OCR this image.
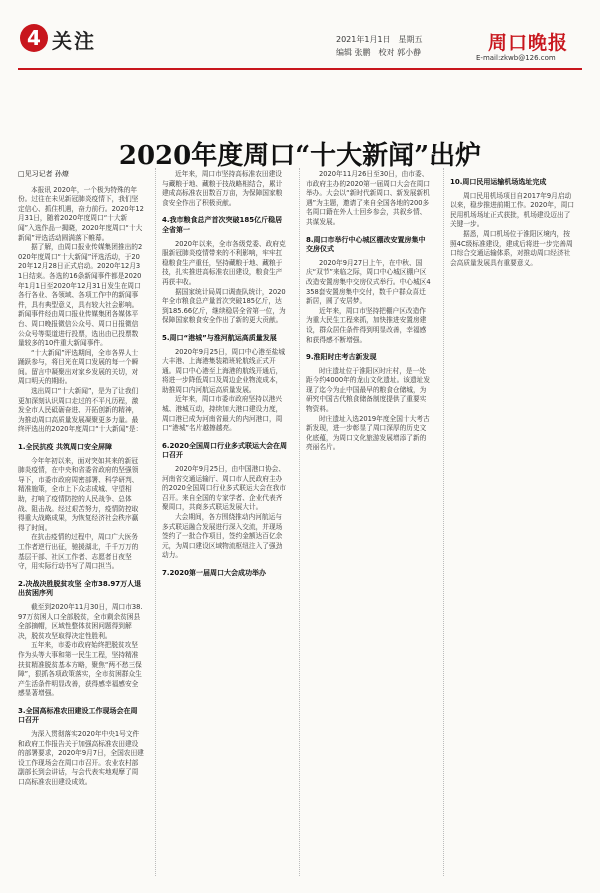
4 关注	2021年1月1日 星期五
编辑 张鹏 校对 郭小静	周口晚报
E-mail:zkwb@126.com
2020年度周口“十大新闻”出炉
□见习记者 孙燎

本报讯 2020年，一个极为特殊的年份。过往在未见新冠肺炎疫情下，我们坚定信心、抓住机遇，奋力前行。2020年12月31日，随着2020年度周口“十大新闻”入选作品一揭晓，2020年度周口“十大新闻”评选活动圆满落下帷幕。

据了解，由周口报业传媒集团推出的2020年度周口“十大新闻”评选活动，于2020年12月28日正式启动。2020年12月31日结束。各选的16条新闻事件都是2020年1月1日至2020年12月31日发生在周口各行各业、各领域、各项工作中的新闻事件，具有典型意义，具有较大社会影响。新闻事件经由周口报业传媒集团各媒体平台、周口晚报微信公众号、周口日报微信公众号等渠道进行投票，选出由已投票数量较多的10件重大新闻事件。

“十大新闻”评选期间，全市各界人士踊跃参与，将目光在周口发展的每一个瞬间。留言中凝聚出对家乡发展的关切，对周口明天的期盼。

选出周口“十大新闻”，是为了让我们更加深刻认识周口走过的不平凡历程，激发全市人民砥砺奋进、开拓创新的精神，为推动周口高质量发展凝聚更多力量。最终评选出的2020年度周口“十大新闻”是：

1.全民抗疫 共筑周口安全屏障

今年年初以来，面对突如其来的新冠肺炎疫情，在中央和省委省政府的坚强领导下，市委市政府周密部署、科学研判、精准施策，全市上下众志成城、守望相助，打响了疫情防控的人民战争、总体战、阻击战。经过艰苦努力，疫情防控取得重大战略成果，为恢复经济社会秩序赢得了时间。

在抗击疫情的过程中，周口广大医务工作者逆行出征，驰援湖北，千千万万的基层干部、社区工作者、志愿者日夜坚守，用实际行动书写了周口担当。

2.决战决胜脱贫攻坚 全市38.97万人退出贫困序列

截至到2020年11月30日，周口市38.97万贫困人口全部脱贫，全市剩余贫困县全部摘帽，区域性整体贫困问题得到解决，脱贫攻坚取得决定性胜利。

五年来，市委市政府始终把脱贫攻坚作为头等大事和第一民生工程，坚持精准扶贫精准脱贫基本方略，聚焦“两不愁三保障”，狠抓各项政策落实，全市贫困群众生产生活条件明显改善，获得感幸福感安全感显著增强。

3.全国高标准农田建设工作现场会在周口召开

为深入贯彻落实2020年中央1号文件和政府工作报告关于加强高标准农田建设的部署要求，2020年9月7日，全国农田建设工作现场会在周口市召开。农业农村部副部长到会讲话，与会代表实地观摩了周口高标准农田建设成效。

近年来，周口市坚持高标准农田建设与藏粮于地、藏粮于技战略相结合，累计建成高标准农田数百万亩，为保障国家粮食安全作出了积极贡献。

4.我市粮食总产首次突破185亿斤稳居全省第一

2020年以来，全市各级党委、政府克服新冠肺炎疫情带来的不利影响，牢牢扛稳粮食生产重任，坚持藏粮于地、藏粮于技，扎实推进高标准农田建设，粮食生产再获丰收。

据国家统计局周口调查队统计，2020年全市粮食总产量首次突破185亿斤，达到185.66亿斤，继续稳居全省第一位，为保障国家粮食安全作出了新的更大贡献。

5.周口“港城”与淮河航运高质量发展

2020年9月25日，周口中心港至盐城大丰港、上海港集装箱班轮航线正式开通。周口中心港至上海港的航线开通后，将进一步降低周口及周边企业物流成本，助推周口内河航运高质量发展。

近年来，周口市委市政府坚持以港兴城、港城互动，持续加大港口建设力度，周口港已成为河南省最大的内河港口，周口“港城”名片越擦越亮。

6.2020全国周口行业多式联运大会在周口召开

2020年9月25日，由中国港口协会、河南省交通运输厅、周口市人民政府主办的2020全国周口行业多式联运大会在我市召开。来自全国的专家学者、企业代表齐聚周口，共商多式联运发展大计。

大会期间，各方围绕推动内河航运与多式联运融合发展进行深入交流，并现场签约了一批合作项目，签约金额达百亿余元，为周口建设区域物流枢纽注入了强劲动力。

7.2020第一届周口大会成功举办

2020年11月26日至30日，由市委、市政府主办的2020第一届周口大会在周口举办。大会以“新时代新周口、新发展新机遇”为主题，邀请了来自全国各地的200多名周口籍在外人士回乡参会，共叙乡情、共谋发展。

8.周口市举行中心城区棚改安置房集中交房仪式

2020年9月27日上午，在中秋、国庆“双节”来临之际，周口中心城区棚户区改造安置房集中交房仪式举行。中心城区4358套安置房集中交付，数千户群众喜迁新居，圆了安居梦。

近年来，周口市坚持把棚户区改造作为重大民生工程来抓，加快推进安置房建设，群众居住条件得到明显改善，幸福感和获得感不断增强。

9.淮阳时庄考古新发现

时庄遗址位于淮阳区时庄村，是一处距今约4000年的龙山文化遗址。该遗址发现了迄今为止中国最早的粮食仓储城，为研究中国古代粮食储备制度提供了重要实物资料。

时庄遗址入选2019年度全国十大考古新发现，进一步彰显了周口深厚的历史文化底蕴，为周口文化旅游发展增添了新的亮丽名片。

10.周口民用运输机场选址完成

周口民用机场项目自2017年9月启动以来，稳步推进前期工作。2020年，周口民用机场场址正式获批，机场建设迈出了关键一步。

据悉，周口机场位于淮阳区境内，按照4C级标准建设，建成后将进一步完善周口综合交通运输体系，对推动周口经济社会高质量发展具有重要意义。
